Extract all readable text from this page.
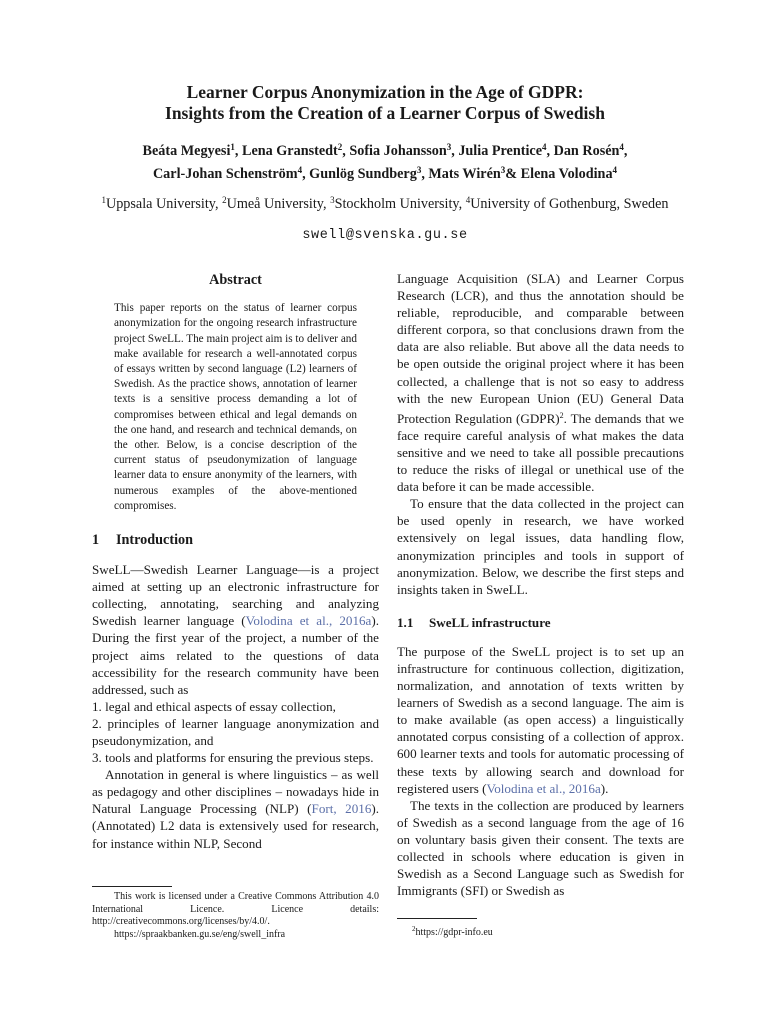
Learner Corpus Anonymization in the Age of GDPR:
Insights from the Creation of a Learner Corpus of Swedish
Beáta Megyesi$^1$, Lena Granstedt$^2$, Sofia Johansson$^3$, Julia Prentice$^4$, Dan Rosén$^4$,
Carl-Johan Schenström$^4$, Gunlög Sundberg$^3$, Mats Wirén$^3$& Elena Volodina$^4$
$^1$Uppsala University, $^2$Umeå University, $^3$Stockholm University, $^4$University of Gothenburg, Sweden
swell@svenska.gu.se
Abstract
This paper reports on the status of learner corpus anonymization for the ongoing research infrastructure project SweLL. The main project aim is to deliver and make available for research a well-annotated corpus of essays written by second language (L2) learners of Swedish. As the practice shows, annotation of learner texts is a sensitive process demanding a lot of compromises between ethical and legal demands on the one hand, and research and technical demands, on the other. Below, is a concise description of the current status of pseudonymization of language learner data to ensure anonymity of the learners, with numerous examples of the above-mentioned compromises.
1 Introduction

SweLL—Swedish Learner Language—is a project aimed at setting up an electronic infrastructure for collecting, annotating, searching and analyzing Swedish learner language (Volodina et al., 2016a). During the first year of the project, a number of the project aims related to the questions of data accessibility for the research community have been addressed, such as

1. legal and ethical aspects of essay collection,
2. principles of learner language anonymization and pseudonymization, and
3. tools and platforms for ensuring the previous steps.

Annotation in general is where linguistics – as well as pedagogy and other disciplines – nowadays hide in Natural Language Processing (NLP) (Fort, 2016). (Annotated) L2 data is extensively used for research, for instance within NLP, Second

This work is licensed under a Creative Commons Attribution 4.0 International Licence. Licence details: http://creativecommons.org/licenses/by/4.0/.
https://spraakbanken.gu.se/eng/swell_infra

Language Acquisition (SLA) and Learner Corpus Research (LCR), and thus the annotation should be reliable, reproducible, and comparable between different corpora, so that conclusions drawn from the data are also reliable. But above all the data needs to be open outside the original project where it has been collected, a challenge that is not so easy to address with the new European Union (EU) General Data Protection Regulation (GDPR)$^2$. The demands that we face require careful analysis of what makes the data sensitive and we need to take all possible precautions to reduce the risks of illegal or unethical use of the data before it can be made accessible.

To ensure that the data collected in the project can be used openly in research, we have worked extensively on legal issues, data handling flow, anonymization principles and tools in support of anonymization. Below, we describe the first steps and insights taken in SweLL.

1.1 SweLL infrastructure

The purpose of the SweLL project is to set up an infrastructure for continuous collection, digitization, normalization, and annotation of texts written by learners of Swedish as a second language. The aim is to make available (as open access) a linguistically annotated corpus consisting of a collection of approx. 600 learner texts and tools for automatic processing of these texts by allowing search and download for registered users (Volodina et al., 2016a).

The texts in the collection are produced by learners of Swedish as a second language from the age of 16 on voluntary basis given their consent. The texts are collected in schools where education is given in Swedish as a Second Language such as Swedish for Immigrants (SFI) or Swedish as

$^2$https://gdpr-info.eu
